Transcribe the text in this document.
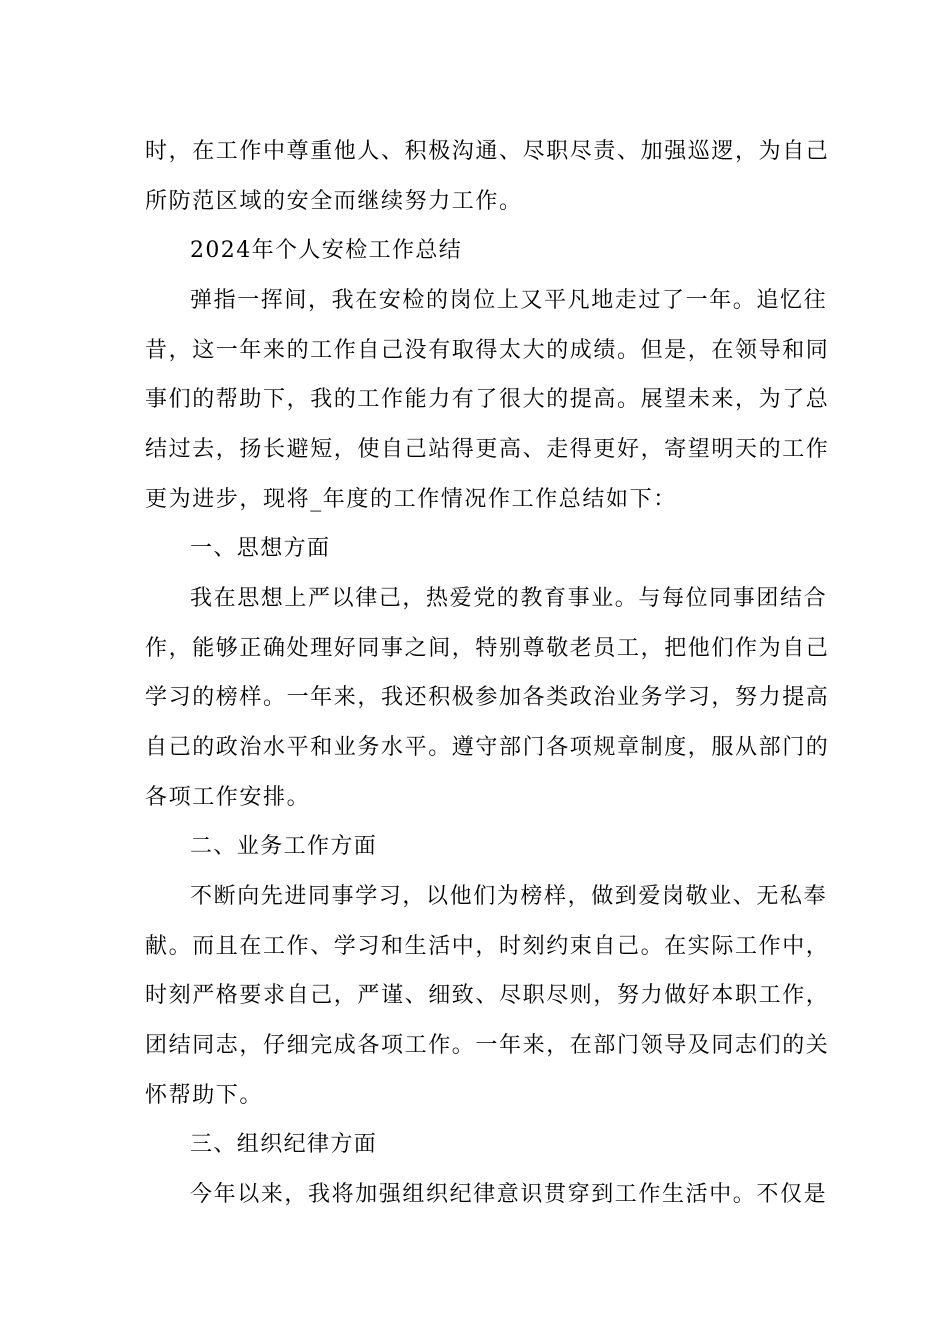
时，在工作中尊重他人、积极沟通、尽职尽责、加强巡逻，为自己
所防范区域的安全而继续努力工作。
2024年个人安检工作总结
弹指一挥间，我在安检的岗位上又平凡地走过了一年。追忆往
昔，这一年来的工作自己没有取得太大的成绩。但是，在领导和同
事们的帮助下，我的工作能力有了很大的提高。展望未来，为了总
结过去，扬长避短，使自己站得更高、走得更好，寄望明天的工作
更为进步，现将_年度的工作情况作工作总结如下：
一、思想方面
我在思想上严以律己，热爱党的教育事业。与每位同事团结合
作，能够正确处理好同事之间，特别尊敬老员工，把他们作为自己
学习的榜样。一年来，我还积极参加各类政治业务学习，努力提高
自己的政治水平和业务水平。遵守部门各项规章制度，服从部门的
各项工作安排。
二、业务工作方面
不断向先进同事学习，以他们为榜样，做到爱岗敬业、无私奉
献。而且在工作、学习和生活中，时刻约束自己。在实际工作中，
时刻严格要求自己，严谨、细致、尽职尽则，努力做好本职工作，
团结同志，仔细完成各项工作。一年来，在部门领导及同志们的关
怀帮助下。
三、组织纪律方面
今年以来，我将加强组织纪律意识贯穿到工作生活中。不仅是
